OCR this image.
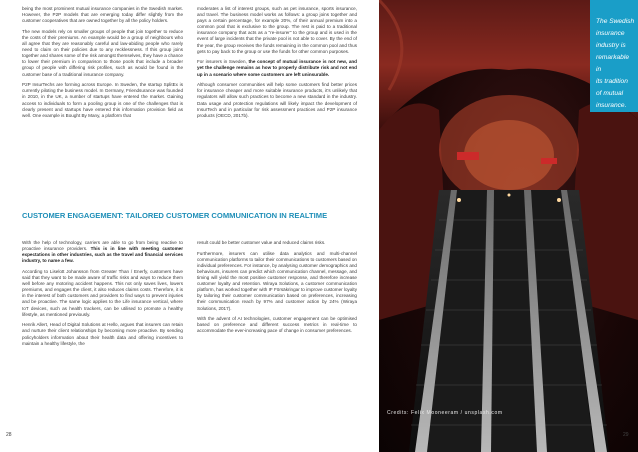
being the most prominent mutual insurance companies in the Swedish market. However, the P2P models that are emerging today differ slightly from the customer cooperatives that are owned together by all the policy holders.

The new models rely on smaller groups of people that join together to reduce the costs of their premiums. An example would be a group of neighbours who all agree that they are reasonably careful and law-abiding people who rarely need to claim on their policies due to any recklessness. If this group joins together and shares some of the risk amongst themselves, they have a chance to lower their premium in comparison to those pools that include a broader group of people with differing risk profiles, such as would be found in the customer base of a traditional insurance company.

P2P InsurTechs are forming across Europe. In Sweden, the startup SplitEx is currently piloting the business model. In Germany, Friendsurance was founded in 2010, in the UK, a number of startups have entered the market. Gaining access to individuals to form a pooling group is one of the challenges that is clearly present and startups have entered this information provision field as well. One example is Bought By Many, a platform that

moderates a list of interest groups, such as pet insurance, sports insurance, and travel. The business model works as follows: a group joins together and pays a certain percentage, for example 20%, of their annual premium into a common pool that is exclusive to the group. The rest is paid to a traditional insurance company that acts as a "re-insurer" to the group and is used in the event of large incidents that the private pool is not able to cover. By the end of the year, the group receives the funds remaining in the common pool and thus gets to pay back to the group or use the funds for other common purposes.

For insurers in Sweden, the concept of mutual insurance is not new, and yet the challenge remains as how to properly distribute risk and not end up in a scenario where some customers are left uninsurable.

Although consumer communities will help some customers find better prices for insurance cheaper and more suitable insurance products, it's unlikely that regulators will allow such practices to become a new standard in the industry. Data usage and protection regulations will likely impact the development of InsurTech and in particular for risk assessment practices and P2P insurance products (OECD, 2017b).

CUSTOMER ENGAGEMENT: TAILORED CUSTOMER COMMUNICATION IN REALTIME

With the help of technology, carriers are able to go from being reactive to proactive insurance providers. This is in line with meeting customer expectations in other industries, such as the travel and financial services industry, to name a few.

According to Liselott Johansson from Greater Than / Enerfy, customers have said that they want to be made aware of traffic risks and ways to reduce them well before any motoring accident happens. This not only saves lives, lowers premiums, and engages the client, it also reduces claims costs. Therefore, it is in the interest of both customers and providers to find ways to prevent injuries and be proactive. The same logic applies to the Life insurance vertical, where IoT devices, such as health trackers, can be utilised to promote a healthy lifestyle, as mentioned previously.

Henrik Allert, Head of Digital Solutions at Hello, argues that insurers can retain and nurture their client relationships by becoming more proactive. By sending policyholders information about their health data and offering incentives to maintain a healthy lifestyle, the

result could be better customer value and reduced claims risks.

Furthermore, insurers can utilise data analytics and multi-channel communication platforms to tailor their communications to customers based on individual preferences. For instance, by analysing customer demographics and behaviours, insurers can predict which communication channel, message, and timing will yield the most positive customer response, and therefore increase customer loyalty and retention. Wiraya Solutions, a customer communication platform, has worked together with IF Försäkringar to improve customer loyalty by tailoring their customer communication based on preferences, increasing their communication reach by 97% and customer action by 24% (Wiraya Solutions, 2017).

With the advent of AI technologies, customer engagement can be optimised based on preference and different success metrics in real-time to accommodate the ever-increasing pace of change in consumer preferences.

28
Credits: Felix Mooneeram / unsplash.com
The Swedish
insurance
industry is
remarkable in
its tradition
of mutual
insurance.
29
